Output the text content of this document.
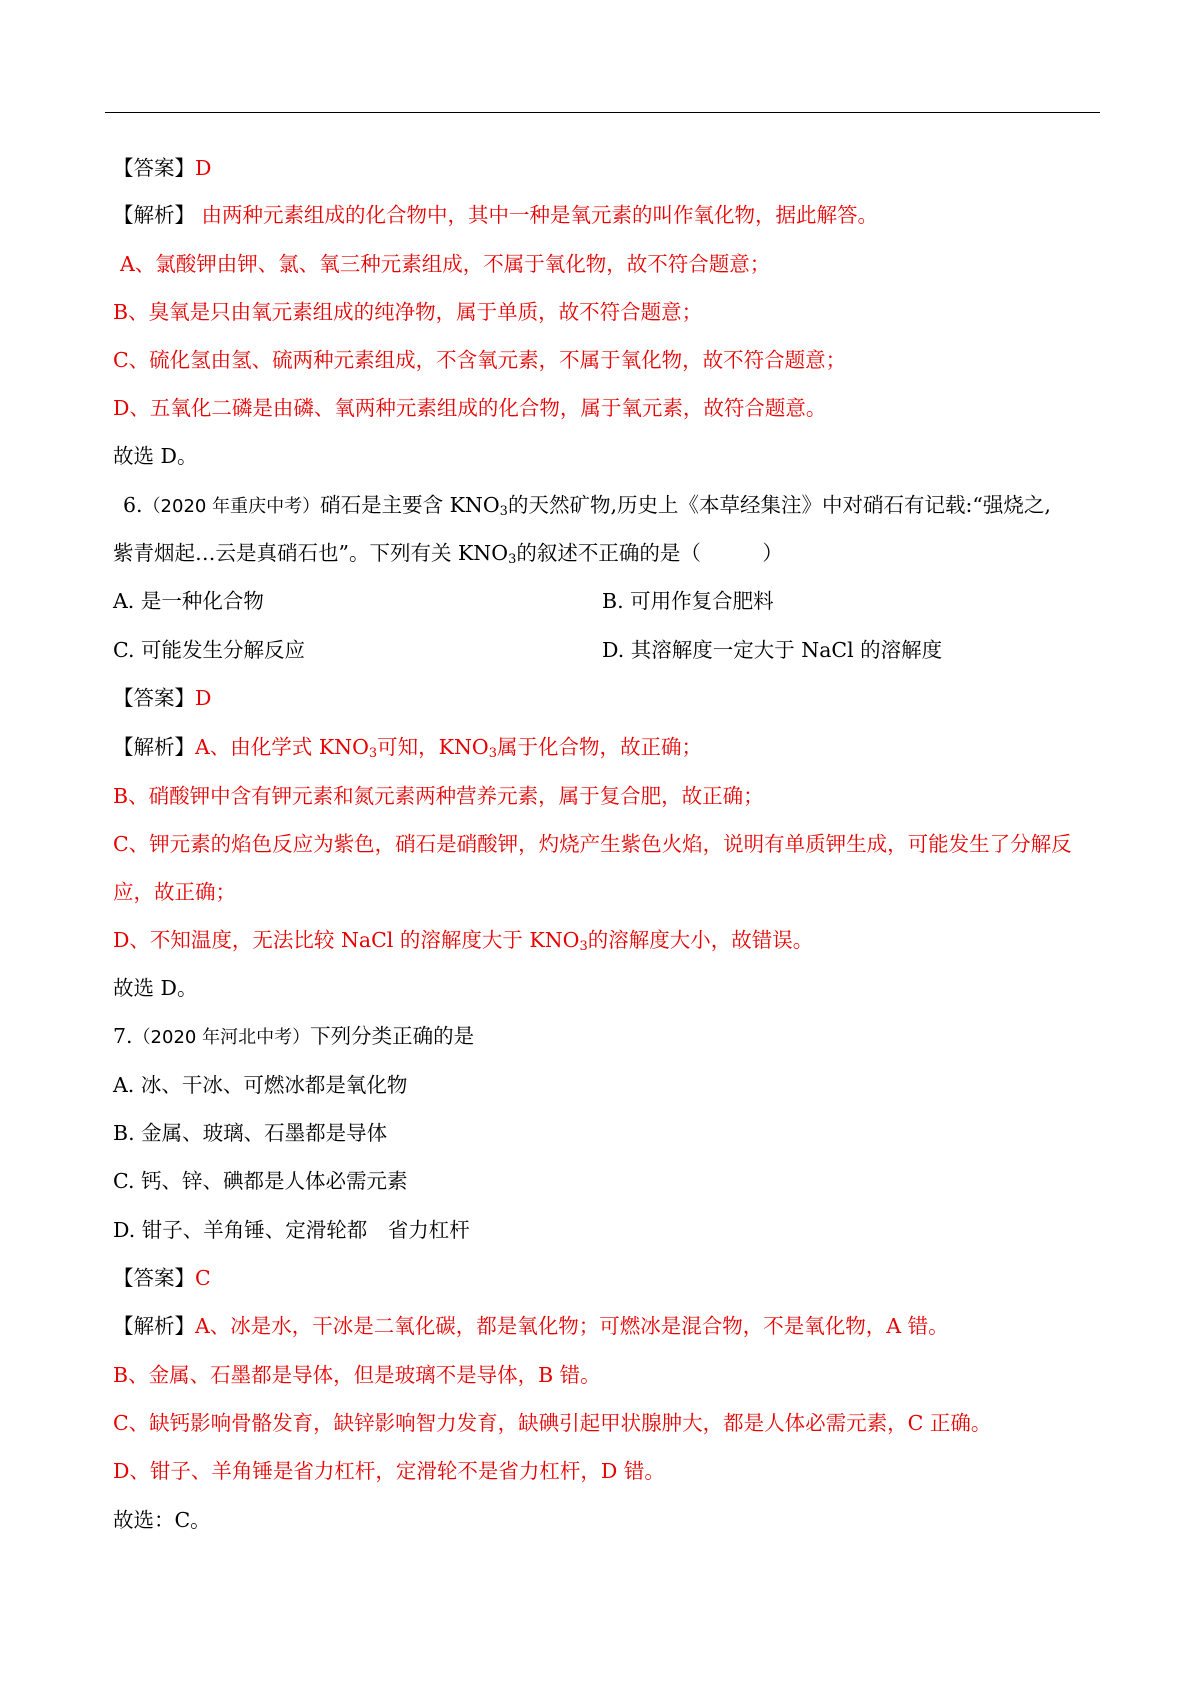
【答案】D
【解析】 由两种元素组成的化合物中，其中一种是氧元素的叫作氧化物，据此解答。
A、氯酸钾由钾、氯、氧三种元素组成，不属于氧化物，故不符合题意；
B、臭氧是只由氧元素组成的纯净物，属于单质，故不符合题意；
C、硫化氢由氢、硫两种元素组成，不含氧元素，不属于氧化物，故不符合题意；
D、五氧化二磷是由磷、氧两种元素组成的化合物，属于氧元素，故符合题意。
故选 D。
6.（2020 年重庆中考）硝石是主要含 $KNO_3$的天然矿物,历史上《本草经集注》中对硝石有记载:“强烧之,
紫青烟起…云是真硝石也”。下列有关 $KNO_3$的叙述不正确的是（　　　）
A. 是一种化合物	B. 可用作复合肥料
C. 可能发生分解反应	D. 其溶解度一定大于 NaCl 的溶解度
【答案】D
【解析】A、由化学式 $KNO_3$可知，$KNO_3$属于化合物，故正确；
B、硝酸钾中含有钾元素和氮元素两种营养元素，属于复合肥，故正确；
C、钾元素的焰色反应为紫色，硝石是硝酸钾，灼烧产生紫色火焰，说明有单质钾生成，可能发生了分解反
应，故正确；
D、不知温度，无法比较 NaCl 的溶解度大于 $KNO_3$的溶解度大小，故错误。
故选 D。
7.（2020 年河北中考）下列分类正确的是
A. 冰、干冰、可燃冰都是氧化物
B. 金属、玻璃、石墨都是导体
C. 钙、锌、碘都是人体必需元素
D. 钳子、羊角锤、定滑轮都　省力杠杆
【答案】C
【解析】A、冰是水，干冰是二氧化碳，都是氧化物；可燃冰是混合物，不是氧化物，A 错。
B、金属、石墨都是导体，但是玻璃不是导体，B 错。
C、缺钙影响骨骼发育，缺锌影响智力发育，缺碘引起甲状腺肿大，都是人体必需元素，C 正确。
D、钳子、羊角锤是省力杠杆，定滑轮不是省力杠杆，D 错。
故选：C。
